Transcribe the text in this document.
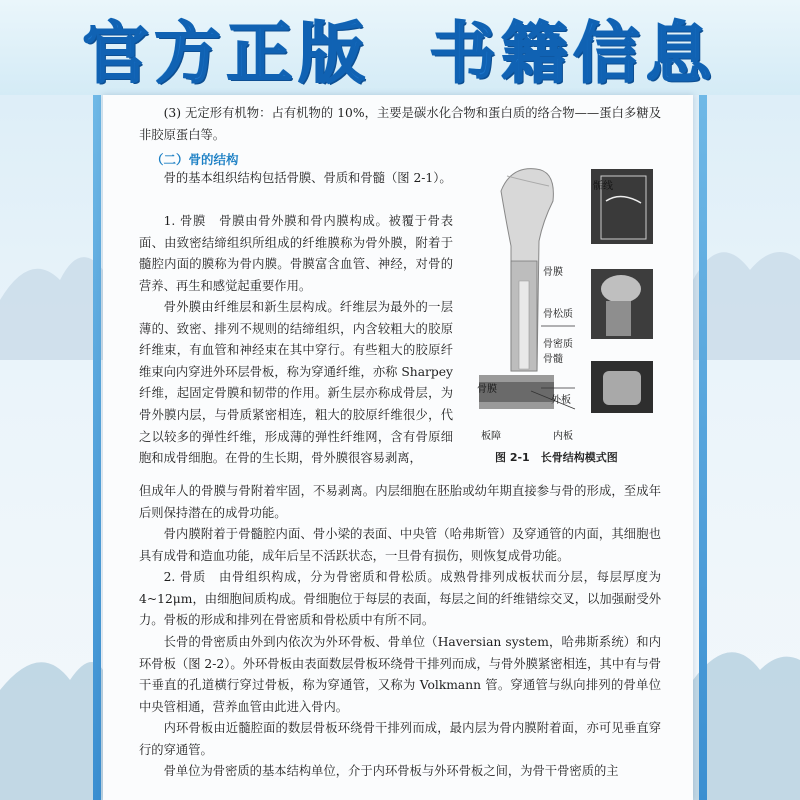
官方正版 书籍信息
(3) 无定形有机物：占有机物的 10%，主要是碳水化合物和蛋白质的络合物——蛋白多糖及非胶原蛋白等。
（二）骨的结构
骨的基本组织结构包括骨膜、骨质和骨髓（图 2-1）。
1. 骨膜　骨膜由骨外膜和骨内膜构成。被覆于骨表面、由致密结缔组织所组成的纤维膜称为骨外膜，附着于髓腔内面的膜称为骨内膜。骨膜富含血管、神经，对骨的营养、再生和感觉起重要作用。
骨外膜由纤维层和新生层构成。纤维层为最外的一层薄的、致密、排列不规则的结缔组织，内含较粗大的胶原纤维束，有血管和神经束在其中穿行。有些粗大的胶原纤维束向内穿进外环层骨板，称为穿通纤维，亦称 Sharpey 纤维，起固定骨膜和韧带的作用。新生层亦称成骨层，为骨外膜内层，与骨质紧密相连，粗大的胶原纤维很少，代之以较多的弹性纤维，形成薄的弹性纤维网，含有骨原细胞和成骨细胞。在骨的生长期，骨外膜很容易剥离，
但成年人的骨膜与骨附着牢固，不易剥离。内层细胞在胚胎或幼年期直接参与骨的形成，至成年后则保持潜在的成骨功能。
骨内膜附着于骨髓腔内面、骨小梁的表面、中央管（哈弗斯管）及穿通管的内面，其细胞也具有成骨和造血功能，成年后呈不活跃状态，一旦骨有损伤，则恢复成骨功能。
2. 骨质　由骨组织构成，分为骨密质和骨松质。成熟骨排列成板状而分层，每层厚度为 4~12μm，由细胞间质构成。骨细胞位于每层的表面，每层之间的纤维错综交叉，以加强耐受外力。骨板的形成和排列在骨密质和骨松质中有所不同。
长骨的骨密质由外到内依次为外环骨板、骨单位（Haversian system，哈弗斯系统）和内环骨板（图 2-2）。外环骨板由表面数层骨板环绕骨干排列而成，与骨外膜紧密相连，其中有与骨干垂直的孔道横行穿过骨板，称为穿通管，又称为 Volkmann 管。穿通管与纵向排列的骨单位中央管相通，营养血管由此进入骨内。
内环骨板由近髓腔面的数层骨板环绕骨干排列而成，最内层为骨内膜附着面，亦可见垂直穿行的穿通管。
骨单位为骨密质的基本结构单位，介于内环骨板与外环骨板之间，为骨干骨密质的主
骺线
骨膜
骨松质
骨密质
骨髓
骨膜
外板
板障	内板
图 2-1　长骨结构模式图
